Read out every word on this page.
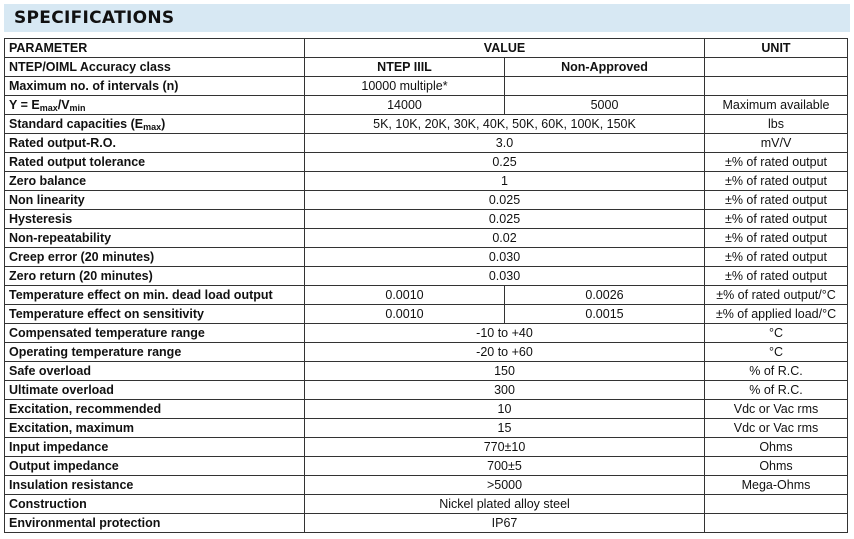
SPECIFICATIONS
PARAMETER	VALUE		UNIT
NTEP/OIML Accuracy class	NTEP IIIL	Non-Approved	
Maximum no. of intervals (n)	10000 multiple*		
$Y = E_{max}/V_{min}$	14000	5000	Maximum available
Standard capacities $(E_{max})$	5K, 10K, 20K, 30K, 40K, 50K, 60K, 100K, 150K		lbs
Rated output-R.O.	3.0		mV/V
Rated output tolerance	0.25		±% of rated output
Zero balance	1		±% of rated output
Non linearity	0.025		±% of rated output
Hysteresis	0.025		±% of rated output
Non-repeatability	0.02		±% of rated output
Creep error (20 minutes)	0.030		±% of rated output
Zero return (20 minutes)	0.030		±% of rated output
Temperature effect on min. dead load output	0.0010	0.0026	±% of rated output/°C
Temperature effect on sensitivity	0.0010	0.0015	±% of applied load/°C
Compensated temperature range	-10 to +40		°C
Operating temperature range	-20 to +60		°C
Safe overload	150		% of R.C.
Ultimate overload	300		% of R.C.
Excitation, recommended	10		Vdc or Vac rms
Excitation, maximum	15		Vdc or Vac rms
Input impedance	770±10		Ohms
Output impedance	700±5		Ohms
Insulation resistance	>5000		Mega-Ohms
Construction	Nickel plated alloy steel		
Environmental protection	IP67		
